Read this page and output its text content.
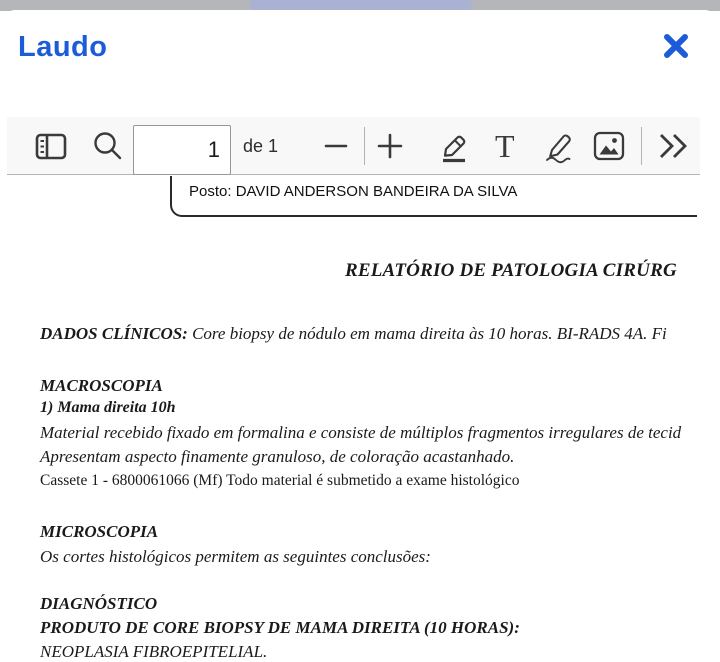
Laudo
1
de 1	T
Posto: DAVID ANDERSON BANDEIRA DA SILVA
RELATÓRIO DE PATOLOGIA CIRÚRG
DADOS CLÍNICOS: Core biopsy de nódulo em mama direita às 10 horas. BI-RADS 4A. Fi
MACROSCOPIA
1) Mama direita 10h
Material recebido fixado em formalina e consiste de múltiplos fragmentos irregulares de tecid
Apresentam aspecto finamente granuloso, de coloração acastanhado.
Cassete 1 - 6800061066 (Mf) Todo material é submetido a exame histológico
MICROSCOPIA
Os cortes histológicos permitem as seguintes conclusões:
DIAGNÓSTICO
PRODUTO DE CORE BIOPSY DE MAMA DIREITA (10 HORAS):
NEOPLASIA FIBROEPITELIAL.
